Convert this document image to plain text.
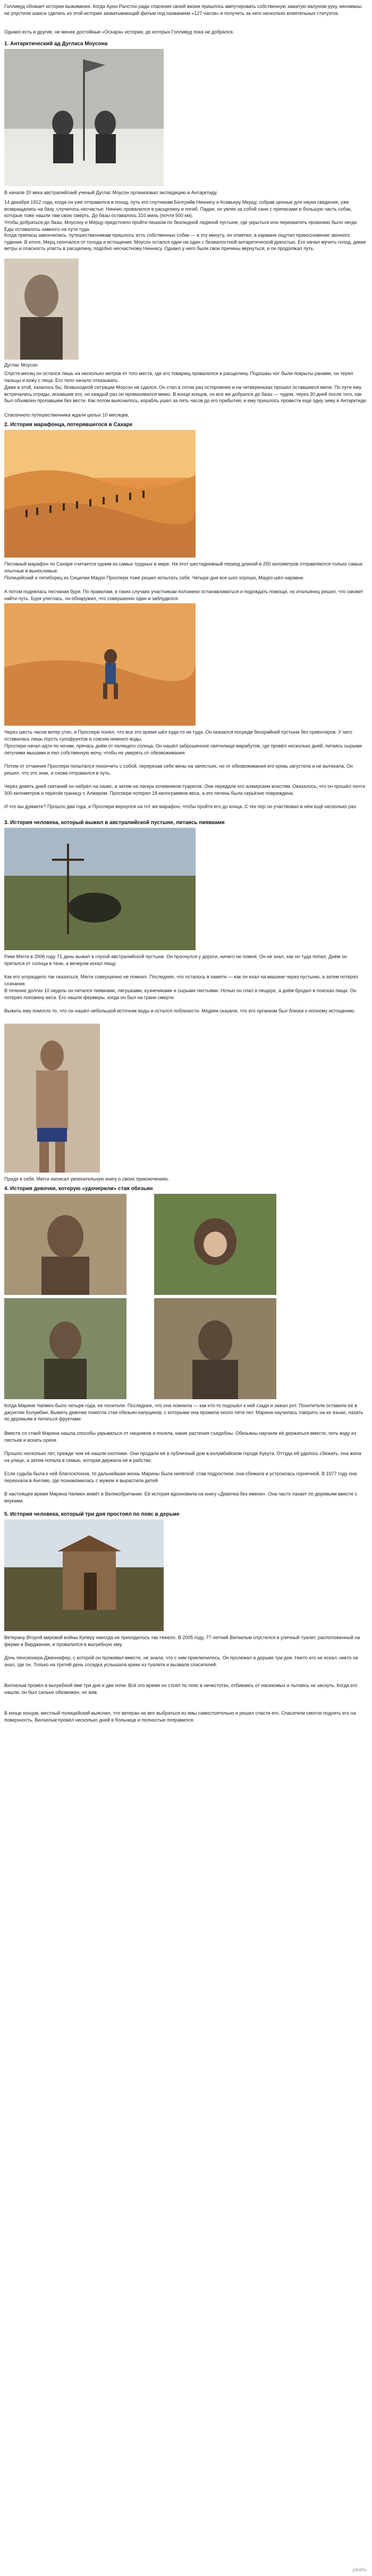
Голливуд обожает истории выживания. Когда Арон Ралстон ради спасения своей жизни пришлось ампутировать собственную зажатую валуном руку, киноманы не упустили шанса сделать из этой истории захватывающий фильм под названием «127 часов» и получить за него несколько влиятельных статуэток.

Однако есть и другие, не менее достойные «Оскара» истории, до которых Голливуд пока не добрался.

1. Антарктический ад Дугласа Моусона

В начале 20 века австралийский ученый Дуглас Моусон организовал экспедицию в Антарктиду.

14 декабря 1912 года, когда он уже отправился в поход, путь его спутникам Белграйв Ниннису и Ксавьеру Мерцу, собрав ценные для науки сведения, уже возвращались на базу, случилось несчастье: Ниннис провалился в расщелину и погиб. Падая, он увлек за собой сани с припасами и большую часть собак, которые тоже нашли там свою смерть. До базы оставалось 310 миль (почти 500 км).

Чтобы добраться до базы, Моусону и Мерцу предстояло пройти пешком по безлюдной ледяной пустыне, где укрыться или перехватить провизию было негде. Еды оставалось намного на пути туда.

Когда припасы закончились, путешественникам пришлось есть собственных собак — в эту минуту, он отметил, в кармане ощутил прикосновение звонкого гудения. В итоге, Мерц скончался от голода и истощения. Моусон остался один на один с безжалостной антарктической дикостью. Его начал мучить голод, дикие ветры и опасность упасть в расщелину, подобно несчастному Ниннису. Однако у него были свои причины вернуться, и он продолжал путь.

Дуглас Моусон

Спустя месяц он остался лишь на несколько метров от того места, где его товарищ провалился в расщелину. Подошвы ног были покрыты ранами, он терял пальцы и кожу с лица. Его тело начало отказывать.

Даже в этой, казалось бы, безвыходной ситуации Моусон не сдался. Он стал в сотни раз осторожнее и на четвереньках прошел оставшиеся мили. По пути ему встречались отряды, искавшие его, но каждый раз он промахивался мимо. В конце концов, он все же добрался до базы — чудом, через 30 дней после того, как был объявлен пропавшим без вести. Как потом выяснилось, корабль ушел за пять часов до его прибытия, и ему пришлось провести еще одну зиму в Антарктиде.

Спасенного путешественника ждали целых 10 месяцев.

2. История марафонца, потерявшегося в Сахаре

Песчаный марафон по Сахаре считается одним из самых трудных в мире. На этот шестидневный период длиной в 250 километров отправляются только самые опытные и выносливые.

Полицейский и пятиборец из Сицилии Мауро Проспери тоже решил испытать себя. Четыре дня все шло хорошо, Мауро шёл наравне.

А потом поднялась песчаная буря. По правилам, в таких случаях участникам положено останавливаться и подождать помощи, но итальянец решил, что сможет найти путь. Буря улеглась, он обнаружил, что совершенно один и заблудился.

Через шесть часов ветер утих, и Проспери понял, что все это время шёл куда-то не туда. Он оказался посреди бескрайней пустыни без ориентиров. У него оставалась лишь горсть сухофруктов и совсем немного воды.

Проспери начал идти по ночам, прячась днём от палящего солнца. Он нашёл заброшенное святилище марабутов, где провёл несколько дней, питаясь сырыми летучими мышами и пил собственную мочу, чтобы не умереть от обезвоживания.

Потом от отчаяния Проспери попытался покончить с собой, перерезав себе вены на запястьях, но от обезвоживания его кровь загустела и не вытекала. Он решил, что это знак, и снова отправился в путь.

Через девять дней скитаний он набрёл на оазис, а затем на лагерь кочевников-туарегов. Они передали его алжирским властям. Оказалось, что он прошёл почти 300 километров и пересёк границу с Алжиром. Проспери потерял 18 килограммов веса, а его печень была серьёзно повреждена.

И что вы думаете? Прошло два года, и Проспери вернулся на тот же марафон, чтобы пройти его до конца. С тех пор он участвовал в нём ещё несколько раз.

3. История человека, который выжил в австралийской пустыне, питаясь пиявками

Рики Мегги в 2006 году 71 день выжил в глухой австралийской пустыне. Он проснулся у дороги, ничего не помня. Он не знал, как он туда попал. Днём он прятался от солнца в тени, а вечером искал пищу.

Как его угораздило так оказаться, Мегги совершенно не помнил. Последнее, что осталось в памяти — как он ехал на машине через пустыню, а затем потерял сознание.

В течение долгих 10 недель он питался пиявками, лягушками, кузнечиками и сырыми листьями. Ночью он спал в пещере, а днём бродил в поисках пищи. Он потерял половину веса. Его нашли фермеры, когда он был на грани смерти.

Выжить ему помогло то, что он нашёл небольшой источник воды и остался поблизости. Медики сказали, что его организм был близок к полному истощению.

Придя в себя, Мегги написал увлекательную книгу о своих приключениях.

4. История девочки, которую «удочерили» стая обезьян

Когда Марине Чапмен было четыре года, ее похитили. Последнее, что она помнила — как кто-то подошёл к ней сзади и зажал рот. Похитители оставили её в джунглях Колумбии. Выжить девочке помогла стая обезьян-капуцинов, с которыми она прожила около пяти лет. Марина научилась говорить на их языке, лазать по деревьям и питаться фруктами.

Вместе со стаей Марина нашла способы укрываться от хищников и поняла, какие растения съедобны. Обезьяны научили её держаться вместе, пить воду из листьев и искать орехи.

Прошло несколько лет, прежде чем её нашли охотники. Они продали её в публичный дом в колумбийском городе Кукута. Оттуда ей удалось сбежать, она жила на улице, а затем попала в семью, которая держала её в рабстве.

Если судьба была к ней благосклонна, то дальнейшая жизнь Марины была нелёгкой: став подростком, она сбежала и устроилась горничной. В 1977 году она переехала в Англию, где познакомилась с мужем и вырастила детей.

В настоящее время Марина Чапмен живёт в Великобритании. Её история вдохновила на книгу «Девочка без имени». Она часто лазает по деревьям вместе с внуками.

5. История человека, который три дня простоял по пояс в дерьме

Ветерану Второй мировой войны Куперу никогда не приходилось так тяжело. В 2005 году, 77-летний Вилхельм спустился в уличный туалет, расположенный на ферме в Вирджинии, и провалился в выгребную яму.

Дочь пенсионера Дженнифер, с которой он проживал вместе, не знала, что с ним приключилось. Он пролежал в дерьме три дня. Никто его не искал: никто не знал, где он. Только на третий день соседка услышала крики из туалета и вызвала спасателей.

Вилхельм провёл в выгребной яме три дня и две ночи. Всё это время он стоял по пояс в нечистотах, отбиваясь от насекомых и пытаясь не заснуть. Когда его нашли, он был сильно обезвожен, но жив.

В конце концов, местный полицейский выяснил, что ветеран не мог выбраться из ямы самостоятельно и решил спасти его. Спасатели смогли поднять его на поверхность. Вилхельм провёл несколько дней в больнице и полностью поправился.

pikabu
